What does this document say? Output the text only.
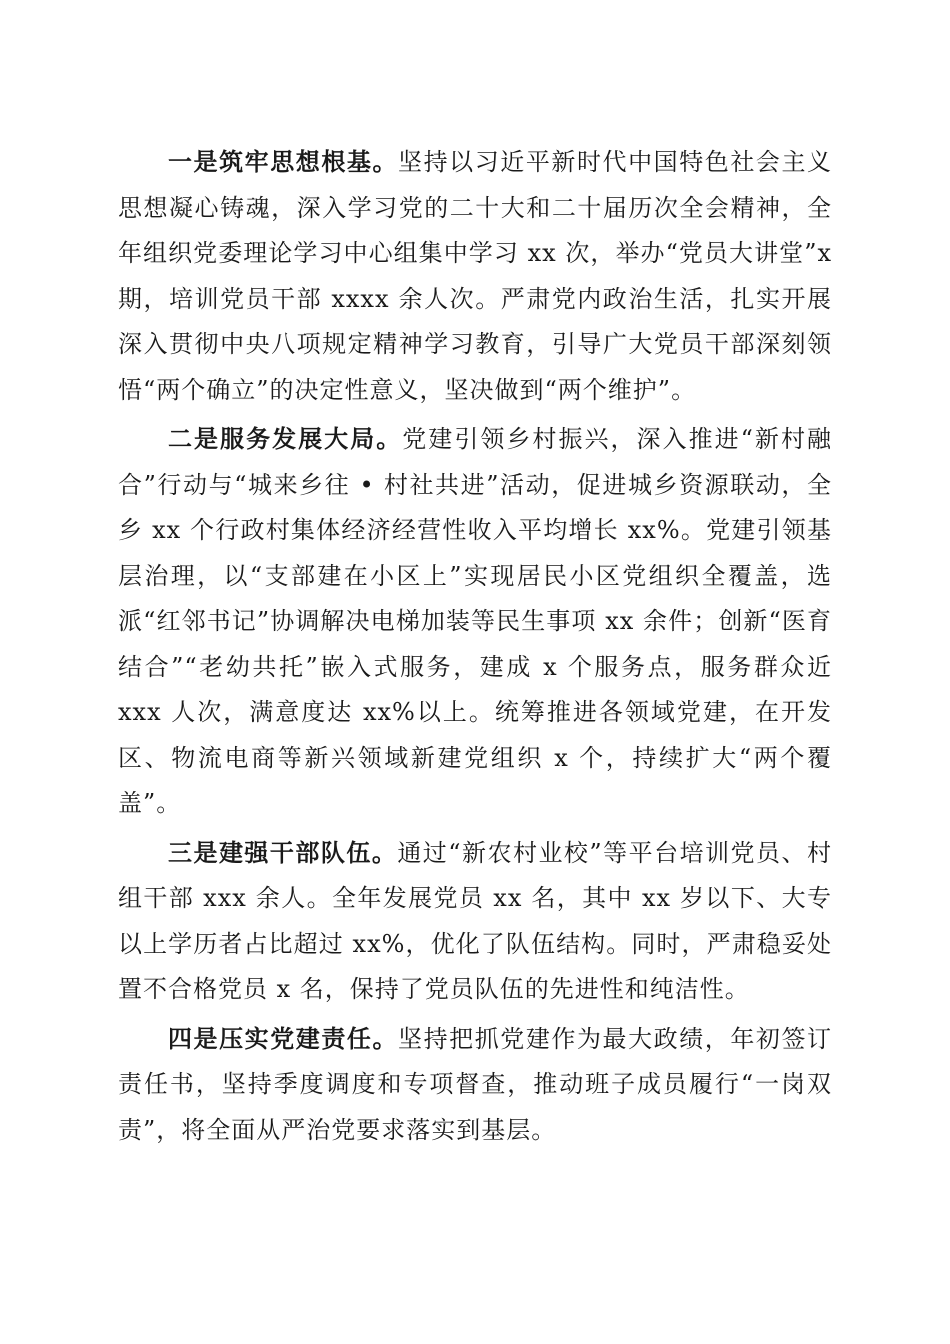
一是筑牢思想根基。坚持以习近平新时代中国特色社会主义思想凝心铸魂，深入学习党的二十大和二十届历次全会精神，全年组织党委理论学习中心组集中学习 xx 次，举办“党员大讲堂”x 期，培训党员干部 xxxx 余人次。严肃党内政治生活，扎实开展深入贯彻中央八项规定精神学习教育，引导广大党员干部深刻领悟“两个确立”的决定性意义，坚决做到“两个维护”。

二是服务发展大局。党建引领乡村振兴，深入推进“新村融合”行动与“城来乡往 • 村社共进”活动，促进城乡资源联动，全乡 xx 个行政村集体经济经营性收入平均增长 xx%。党建引领基层治理，以“支部建在小区上”实现居民小区党组织全覆盖，选派“红邻书记”协调解决电梯加装等民生事项 xx 余件；创新“医育结合”“老幼共托”嵌入式服务，建成 x 个服务点，服务群众近 xxx 人次，满意度达 xx%以上。统筹推进各领域党建，在开发区、物流电商等新兴领域新建党组织 x 个，持续扩大“两个覆盖”。

三是建强干部队伍。通过“新农村业校”等平台培训党员、村组干部 xxx 余人。全年发展党员 xx 名，其中 xx 岁以下、大专以上学历者占比超过 xx%，优化了队伍结构。同时，严肃稳妥处置不合格党员 x 名，保持了党员队伍的先进性和纯洁性。

四是压实党建责任。坚持把抓党建作为最大政绩，年初签订责任书，坚持季度调度和专项督查，推动班子成员履行“一岗双责”，将全面从严治党要求落实到基层。
